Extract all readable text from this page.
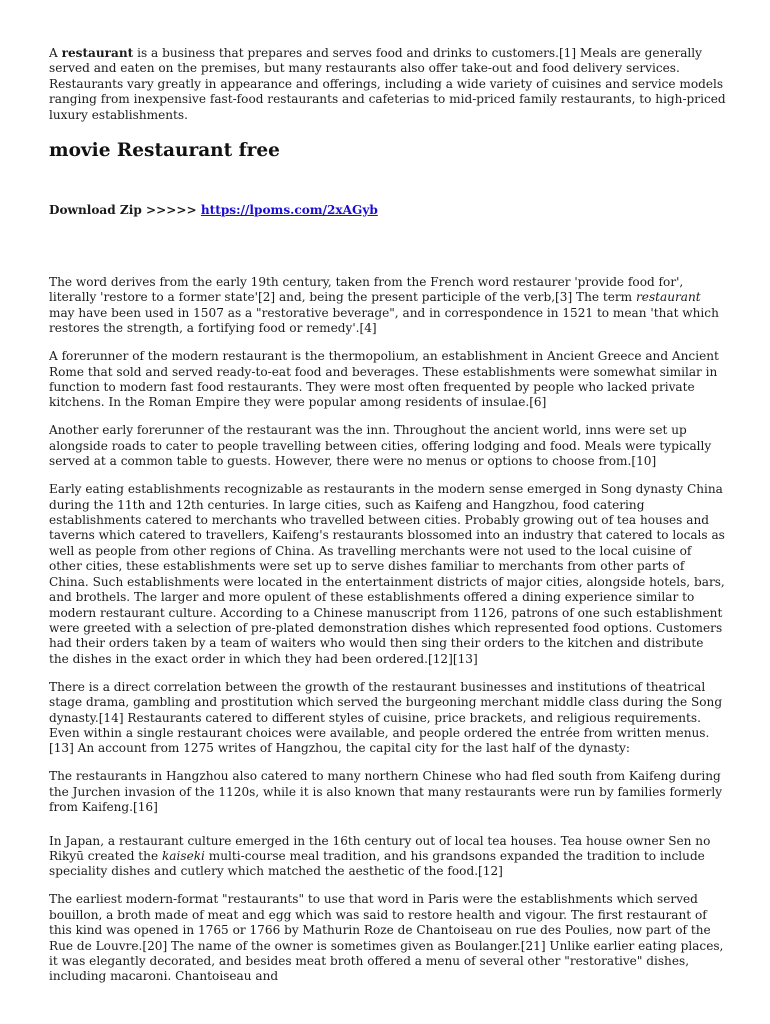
A restaurant is a business that prepares and serves food and drinks to customers.[1] Meals are generally served and eaten on the premises, but many restaurants also offer take-out and food delivery services. Restaurants vary greatly in appearance and offerings, including a wide variety of cuisines and service models ranging from inexpensive fast-food restaurants and cafeterias to mid-priced family restaurants, to high-priced luxury establishments.

movie Restaurant free
Download Zip >>>>> https://lpoms.com/2xAGyb

The word derives from the early 19th century, taken from the French word restaurer 'provide food for', literally 'restore to a former state'[2] and, being the present participle of the verb,[3] The term restaurant may have been used in 1507 as a "restorative beverage", and in correspondence in 1521 to mean 'that which restores the strength, a fortifying food or remedy'.[4]

A forerunner of the modern restaurant is the thermopolium, an establishment in Ancient Greece and Ancient Rome that sold and served ready-to-eat food and beverages. These establishments were somewhat similar in function to modern fast food restaurants. They were most often frequented by people who lacked private kitchens. In the Roman Empire they were popular among residents of insulae.[6]

Another early forerunner of the restaurant was the inn. Throughout the ancient world, inns were set up alongside roads to cater to people travelling between cities, offering lodging and food. Meals were typically served at a common table to guests. However, there were no menus or options to choose from.[10]

Early eating establishments recognizable as restaurants in the modern sense emerged in Song dynasty China during the 11th and 12th centuries. In large cities, such as Kaifeng and Hangzhou, food catering establishments catered to merchants who travelled between cities. Probably growing out of tea houses and taverns which catered to travellers, Kaifeng's restaurants blossomed into an industry that catered to locals as well as people from other regions of China. As travelling merchants were not used to the local cuisine of other cities, these establishments were set up to serve dishes familiar to merchants from other parts of China. Such establishments were located in the entertainment districts of major cities, alongside hotels, bars, and brothels. The larger and more opulent of these establishments offered a dining experience similar to modern restaurant culture. According to a Chinese manuscript from 1126, patrons of one such establishment were greeted with a selection of pre-plated demonstration dishes which represented food options. Customers had their orders taken by a team of waiters who would then sing their orders to the kitchen and distribute the dishes in the exact order in which they had been ordered.[12][13]

There is a direct correlation between the growth of the restaurant businesses and institutions of theatrical stage drama, gambling and prostitution which served the burgeoning merchant middle class during the Song dynasty.[14] Restaurants catered to different styles of cuisine, price brackets, and religious requirements. Even within a single restaurant choices were available, and people ordered the entrée from written menus.[13] An account from 1275 writes of Hangzhou, the capital city for the last half of the dynasty:

The restaurants in Hangzhou also catered to many northern Chinese who had fled south from Kaifeng during the Jurchen invasion of the 1120s, while it is also known that many restaurants were run by families formerly from Kaifeng.[16]

In Japan, a restaurant culture emerged in the 16th century out of local tea houses. Tea house owner Sen no Rikyū created the kaiseki multi-course meal tradition, and his grandsons expanded the tradition to include speciality dishes and cutlery which matched the aesthetic of the food.[12]

The earliest modern-format "restaurants" to use that word in Paris were the establishments which served bouillon, a broth made of meat and egg which was said to restore health and vigour. The first restaurant of this kind was opened in 1765 or 1766 by Mathurin Roze de Chantoiseau on rue des Poulies, now part of the Rue de Louvre.[20] The name of the owner is sometimes given as Boulanger.[21] Unlike earlier eating places, it was elegantly decorated, and besides meat broth offered a menu of several other "restorative" dishes, including macaroni. Chantoiseau and
